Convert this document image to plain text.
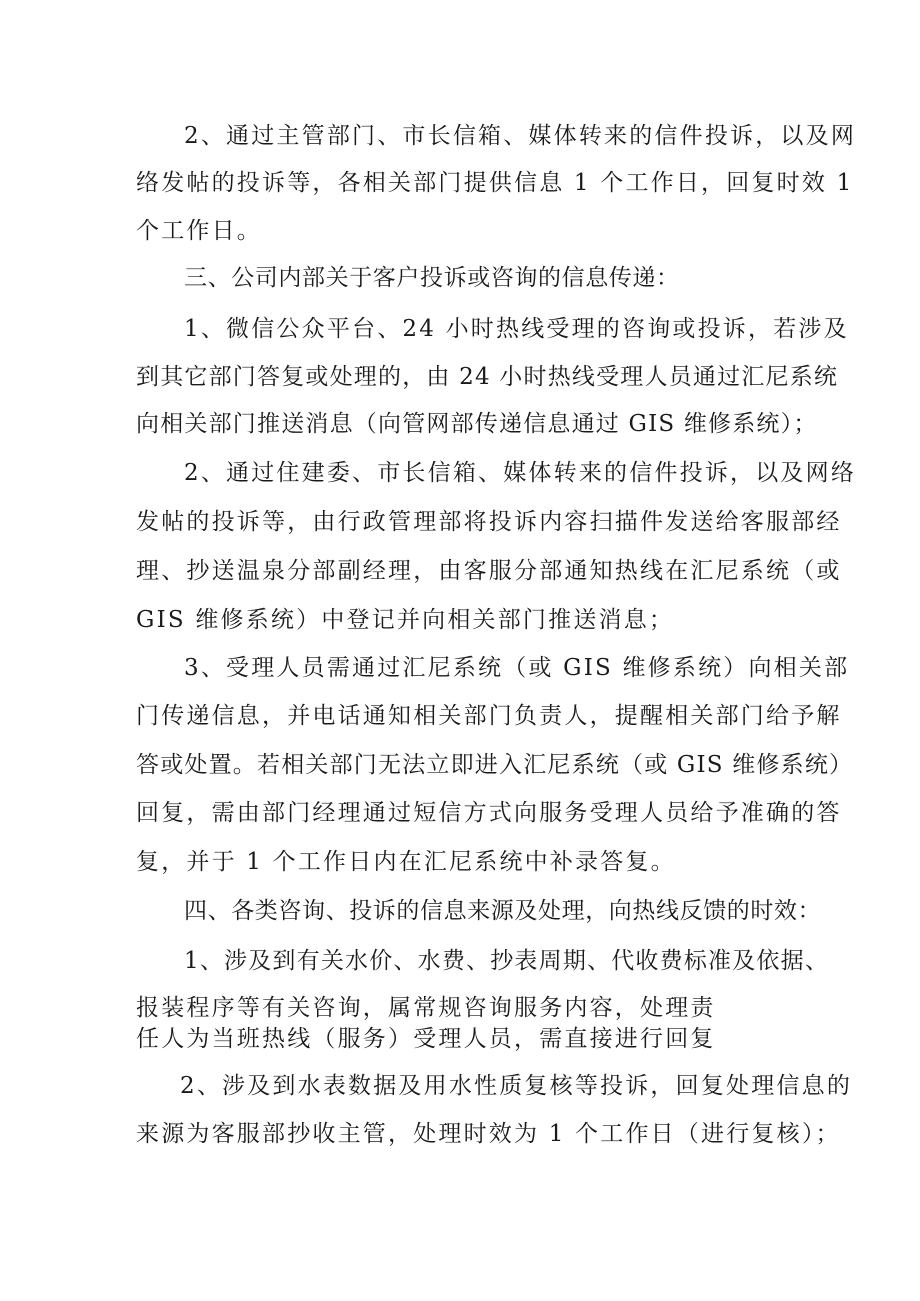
2、通过主管部门、市长信箱、媒体转来的信件投诉，以及网
络发帖的投诉等，各相关部门提供信息 1 个工作日，回复时效 1
个工作日。
三、公司内部关于客户投诉或咨询的信息传递：
1、微信公众平台、24 小时热线受理的咨询或投诉，若涉及
到其它部门答复或处理的，由 24 小时热线受理人员通过汇尼系统
向相关部门推送消息（向管网部传递信息通过 GIS 维修系统）；
2、通过住建委、市长信箱、媒体转来的信件投诉，以及网络
发帖的投诉等，由行政管理部将投诉内容扫描件发送给客服部经
理、抄送温泉分部副经理，由客服分部通知热线在汇尼系统（或
GIS 维修系统）中登记并向相关部门推送消息；
3、受理人员需通过汇尼系统（或 GIS 维修系统）向相关部
门传递信息，并电话通知相关部门负责人，提醒相关部门给予解
答或处置。若相关部门无法立即进入汇尼系统（或 GIS 维修系统）
回复，需由部门经理通过短信方式向服务受理人员给予准确的答
复，并于 1 个工作日内在汇尼系统中补录答复。
四、各类咨询、投诉的信息来源及处理，向热线反馈的时效：
1、涉及到有关水价、水费、抄表周期、代收费标准及依据、
报装程序等有关咨询，属常规咨询服务内容，处理责
任人为当班热线（服务）受理人员，需直接进行回复
2、涉及到水表数据及用水性质复核等投诉，回复处理信息的
来源为客服部抄收主管，处理时效为 1 个工作日（进行复核）；
